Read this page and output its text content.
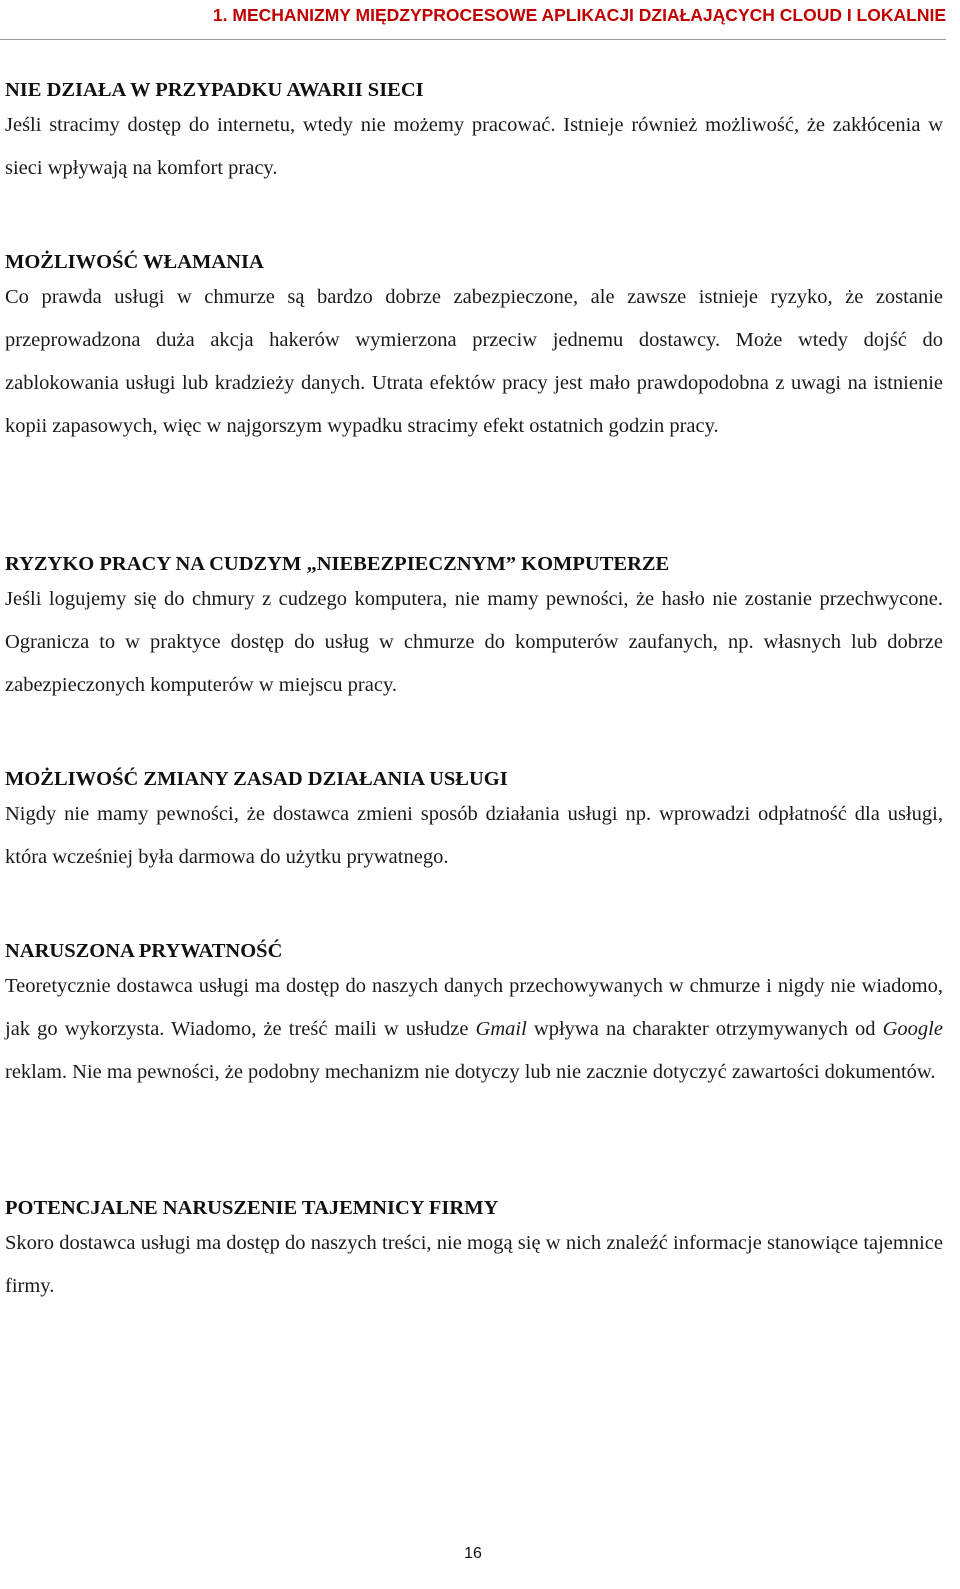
1. MECHANIZMY MIĘDZYPROCESOWE APLIKACJI DZIAŁAJĄCYCH CLOUD I LOKALNIE
NIE DZIAŁA W PRZYPADKU AWARII SIECI

Jeśli stracimy dostęp do internetu, wtedy nie możemy pracować. Istnieje również możliwość, że zakłócenia w sieci wpływają na komfort pracy.

MOŻLIWOŚĆ WŁAMANIA

Co prawda usługi w chmurze są bardzo dobrze zabezpieczone, ale zawsze istnieje ryzyko, że zostanie przeprowadzona duża akcja hakerów wymierzona przeciw jednemu dostawcy. Może wtedy dojść do zablokowania usługi lub kradzieży danych. Utrata efektów pracy jest mało prawdopodobna z uwagi na istnienie kopii zapasowych, więc w najgorszym wypadku stracimy efekt ostatnich godzin pracy.

RYZYKO PRACY NA CUDZYM „NIEBEZPIECZNYM” KOMPUTERZE

Jeśli logujemy się do chmury z cudzego komputera, nie mamy pewności, że hasło nie zostanie przechwycone. Ogranicza to w praktyce dostęp do usług w chmurze do komputerów zaufanych, np. własnych lub dobrze zabezpieczonych komputerów w miejscu pracy.

MOŻLIWOŚĆ ZMIANY ZASAD DZIAŁANIA USŁUGI

Nigdy nie mamy pewności, że dostawca zmieni sposób działania usługi np. wprowadzi odpłatność dla usługi, która wcześniej była darmowa do użytku prywatnego.

NARUSZONA PRYWATNOŚĆ

Teoretycznie dostawca usługi ma dostęp do naszych danych przechowywanych w chmurze i nigdy nie wiadomo, jak go wykorzysta. Wiadomo, że treść maili w usłudze Gmail wpływa na charakter otrzymywanych od Google reklam. Nie ma pewności, że podobny mechanizm nie dotyczy lub nie zacznie dotyczyć zawartości dokumentów.

POTENCJALNE NARUSZENIE TAJEMNICY FIRMY

Skoro dostawca usługi ma dostęp do naszych treści, nie mogą się w nich znaleźć informacje stanowiące tajemnice firmy.

16
